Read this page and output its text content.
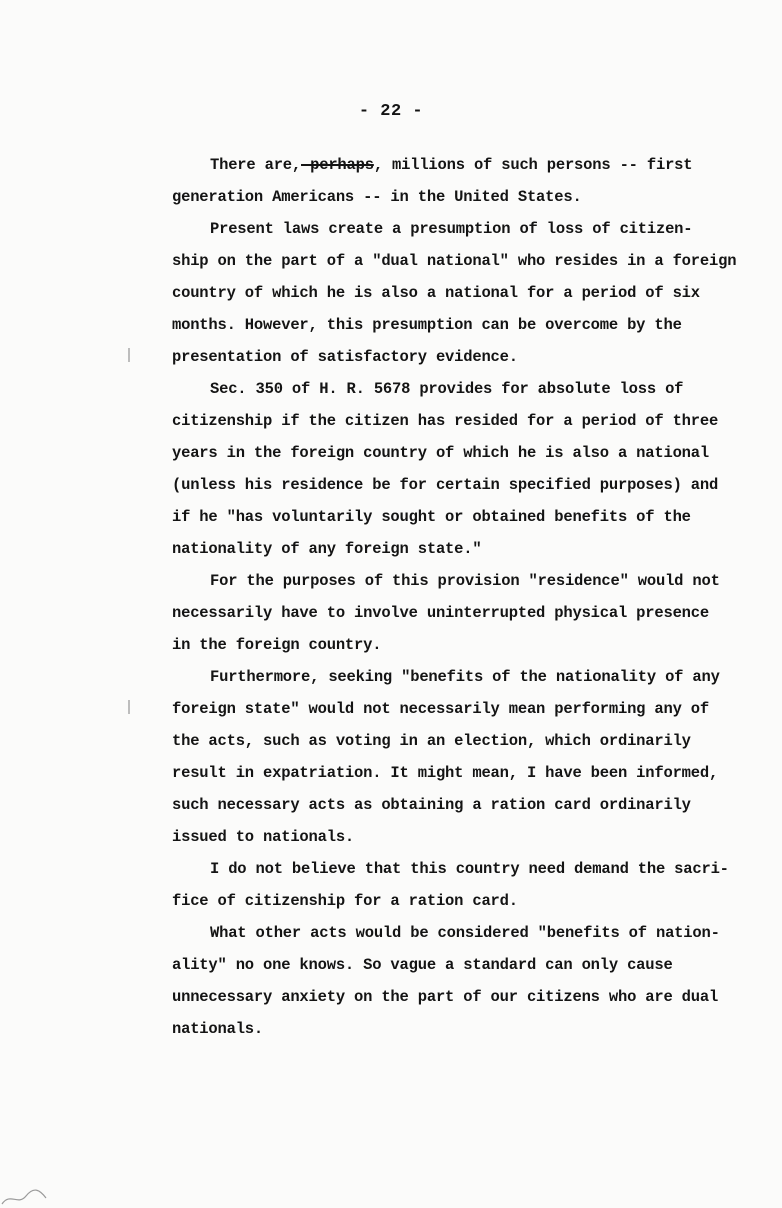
- 22 -
There are, perhaps, millions of such persons -- first
generation Americans -- in the United States.
Present laws create a presumption of loss of citizen-
ship on the part of a "dual national" who resides in a foreign
country of which he is also a national for a period of six
months. However, this presumption can be overcome by the
presentation of satisfactory evidence.
Sec. 350 of H. R. 5678 provides for absolute loss of
citizenship if the citizen has resided for a period of three
years in the foreign country of which he is also a national
(unless his residence be for certain specified purposes) and
if he "has voluntarily sought or obtained benefits of the
nationality of any foreign state."
For the purposes of this provision "residence" would not
necessarily have to involve uninterrupted physical presence
in the foreign country.
Furthermore, seeking "benefits of the nationality of any
foreign state" would not necessarily mean performing any of
the acts, such as voting in an election, which ordinarily
result in expatriation. It might mean, I have been informed,
such necessary acts as obtaining a ration card ordinarily
issued to nationals.
I do not believe that this country need demand the sacri-
fice of citizenship for a ration card.
What other acts would be considered "benefits of nation-
ality" no one knows. So vague a standard can only cause
unnecessary anxiety on the part of our citizens who are dual
nationals.
